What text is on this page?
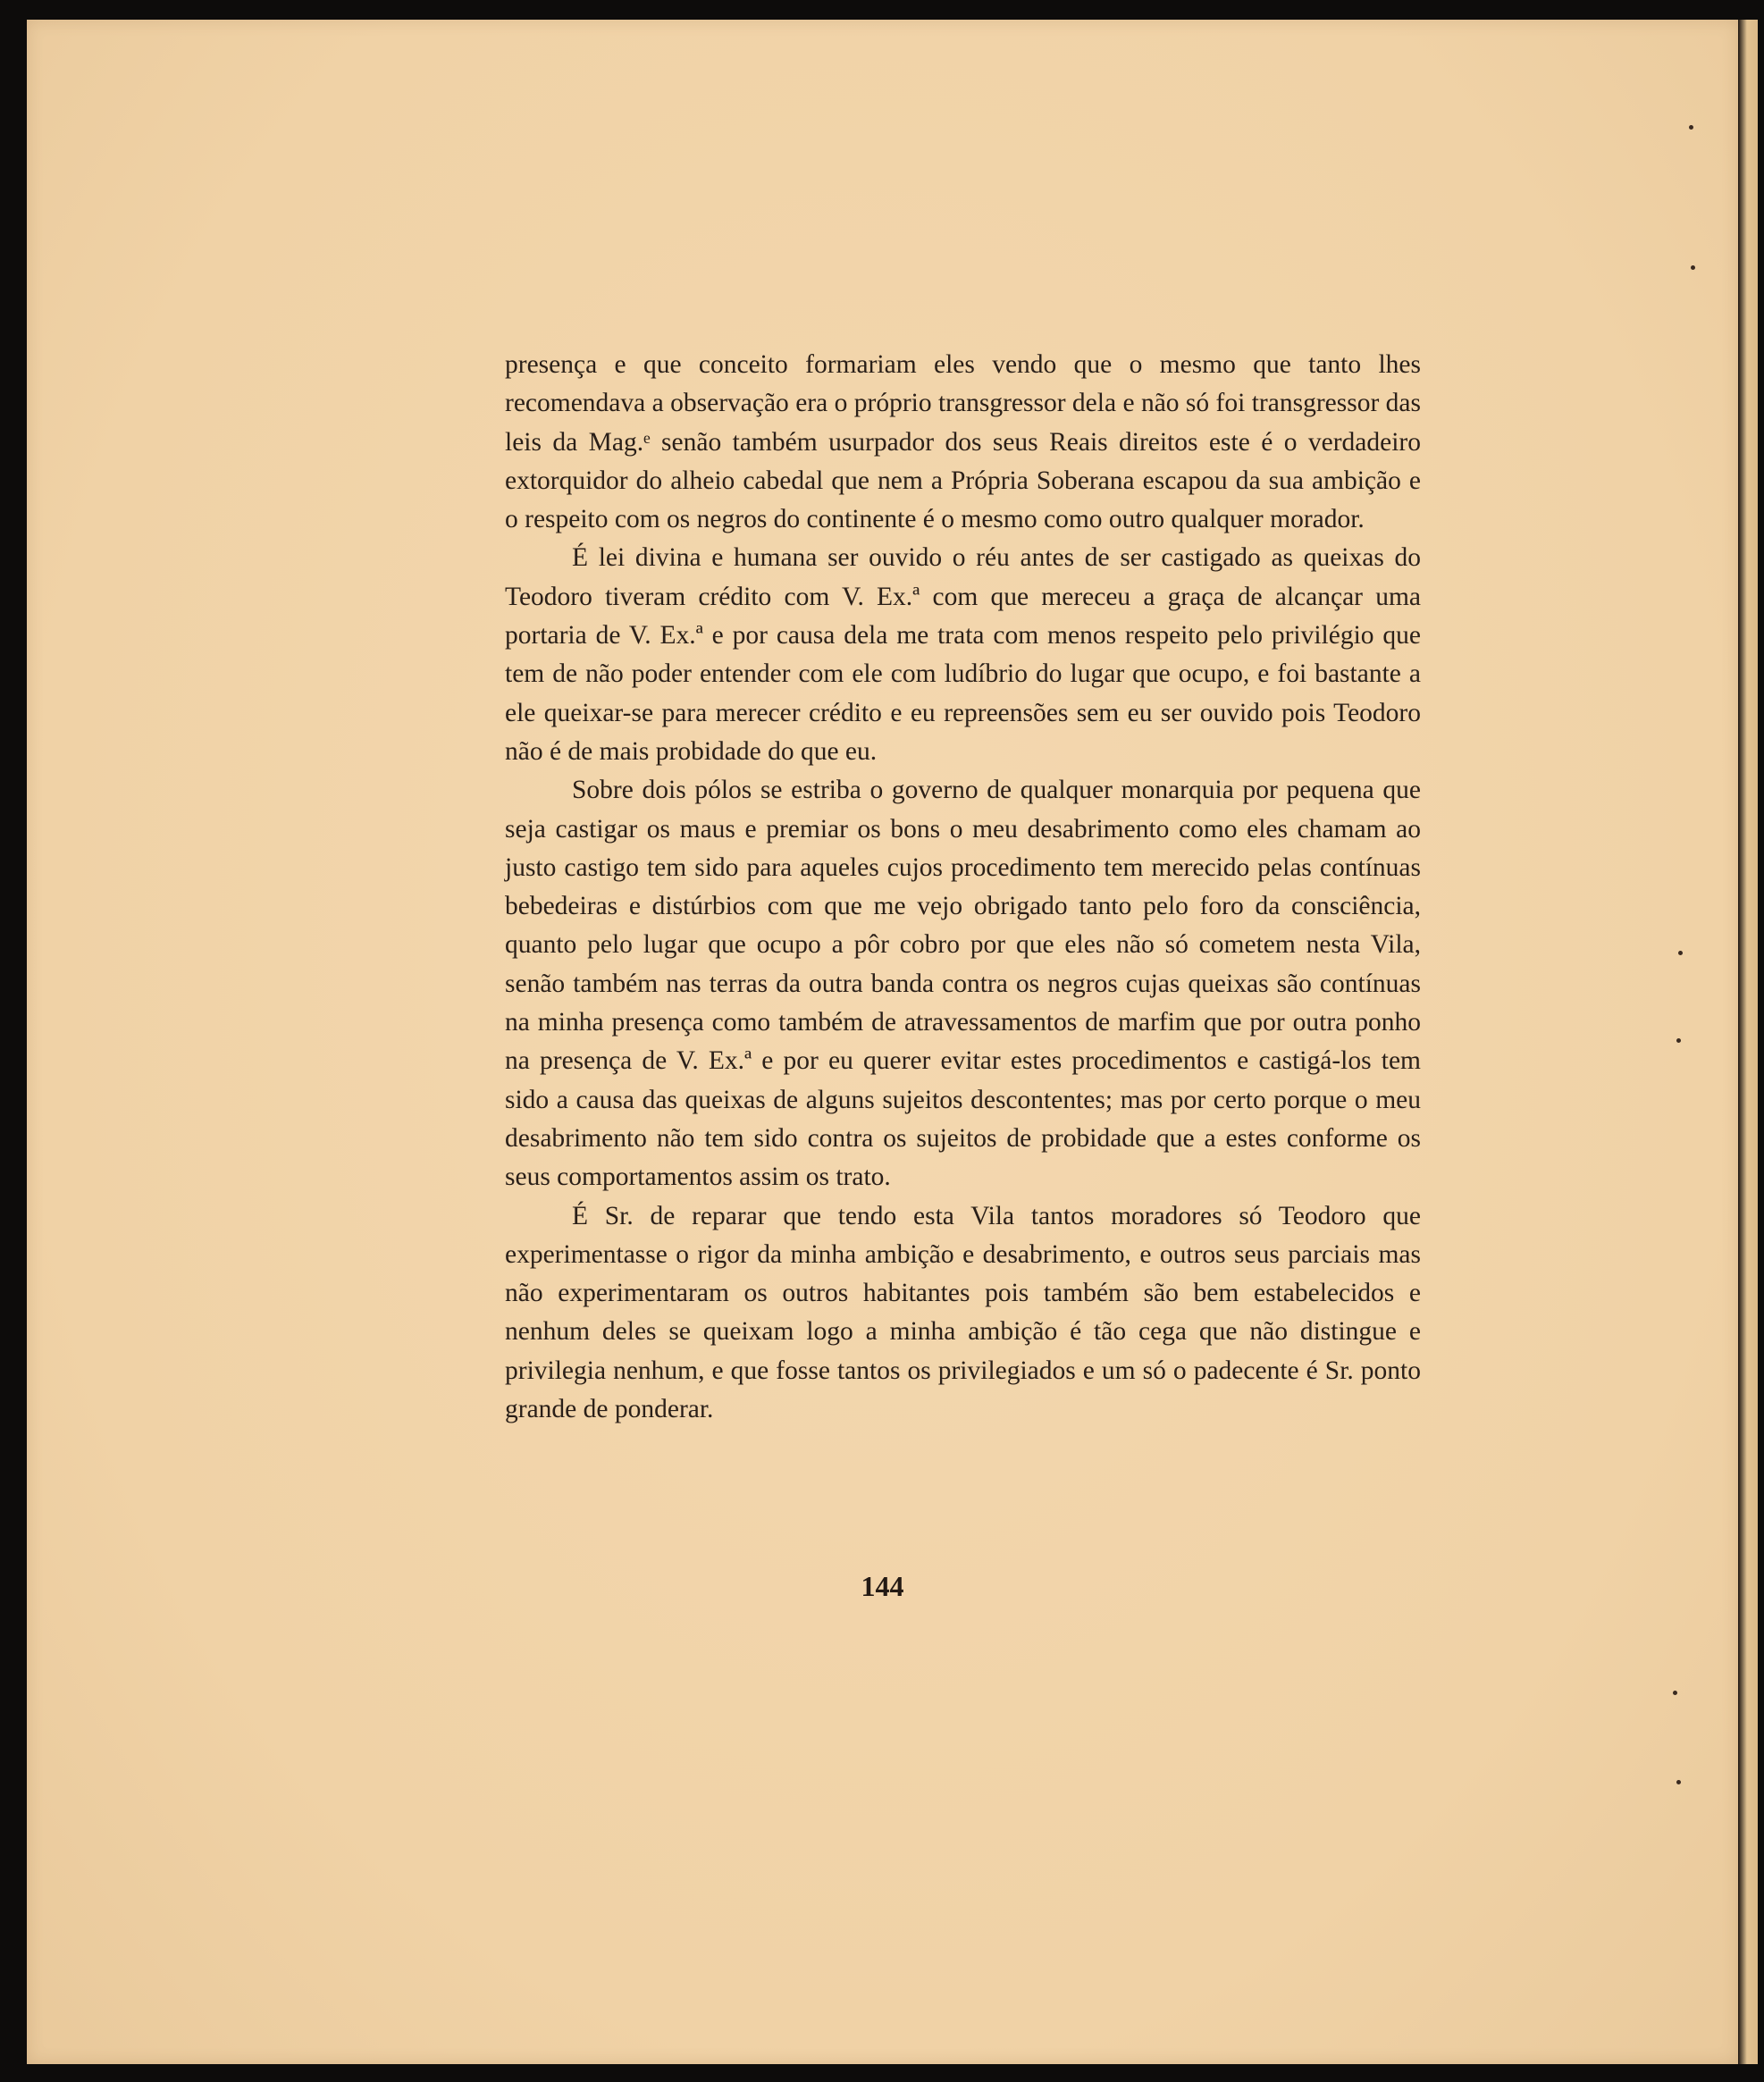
presença e que conceito formariam eles vendo que o mesmo que tanto lhes recomendava a observação era o próprio transgressor dela e não só foi transgressor das leis da Mag.ᵉ senão também usurpador dos seus Reais direitos este é o verdadeiro extorquidor do alheio cabedal que nem a Própria Soberana escapou da sua ambição e o respeito com os negros do continente é o mesmo como outro qualquer morador.

É lei divina e humana ser ouvido o réu antes de ser castigado as queixas do Teodoro tiveram crédito com V. Ex.ª com que mereceu a graça de alcançar uma portaria de V. Ex.ª e por causa dela me trata com menos respeito pelo privilégio que tem de não poder entender com ele com ludíbrio do lugar que ocupo, e foi bastante a ele queixar-se para merecer crédito e eu repreensões sem eu ser ouvido pois Teodoro não é de mais probidade do que eu.

Sobre dois pólos se estriba o governo de qualquer monarquia por pequena que seja castigar os maus e premiar os bons o meu desabrimento como eles chamam ao justo castigo tem sido para aqueles cujos procedimento tem merecido pelas contínuas bebedeiras e distúrbios com que me vejo obrigado tanto pelo foro da consciência, quanto pelo lugar que ocupo a pôr cobro por que eles não só cometem nesta Vila, senão também nas terras da outra banda contra os negros cujas queixas são contínuas na minha presença como também de atravessamentos de marfim que por outra ponho na presença de V. Ex.ª e por eu querer evitar estes procedimentos e castigá-los tem sido a causa das queixas de alguns sujeitos descontentes; mas por certo porque o meu desabrimento não tem sido contra os sujeitos de probidade que a estes conforme os seus comportamentos assim os trato.

É Sr. de reparar que tendo esta Vila tantos moradores só Teodoro que experimentasse o rigor da minha ambição e desabrimento, e outros seus parciais mas não experimentaram os outros habitantes pois também são bem estabelecidos e nenhum deles se queixam logo a minha ambição é tão cega que não distingue e privilegia nenhum, e que fosse tantos os privilegiados e um só o padecente é Sr. ponto grande de ponderar.

144
